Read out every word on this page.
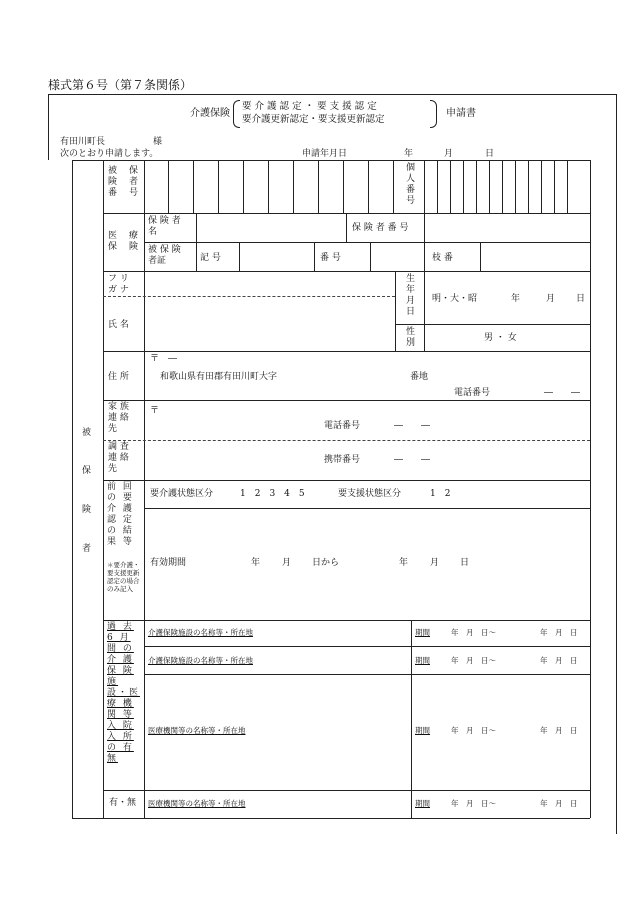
様式第６号（第７条関係）
介護保険
要 介 護 認 定 ・ 要 支 援 認 定
要介護更新認定・要支援更新認定
申請書
有田川町長	様
次のとおり申請します。	申請年月日	年	月	日
被 保 険 者 番 号
個 人 番 号
医 療 保険
保 険 者 名	保 険 者 番 号
被 保 険 者証	記 号	番 号	枝 番
フ リ ガ ナ
氏 名
生 年 月 日
明・大・昭	年	月 日
性 別	男 ・ 女
〒　―
住 所	和歌山県有田郡有田川町大字	番地
電話番号	―　　―
家 族 連 絡 先
〒
電話番号	―　　―
調 査 連 絡 先
携帯番号	―　　―
前 回 の 要 介 護 認 定 の 結 果 等
＊要介護・要支援更新認定の場合のみ記入
要介護状態区分	1　2　3　4　5	要支援状態区分	1　2
有効期間	年 月 日から	年 月 日
過 去 6 月 間 の 介 護 保 険 施 設・医 療 機 関 等 入 院 入 所 の 有 無
介護保険施設の名称等・所在地	期間	年　月　日～	年　月　日
介護保険施設の名称等・所在地	期間	年　月　日～	年　月　日
医療機関等の名称等・所在地	期間	年　月　日～	年　月　日
有・無 医療機関等の名称等・所在地	期間	年　月　日～	年　月　日
被
保
険
者
